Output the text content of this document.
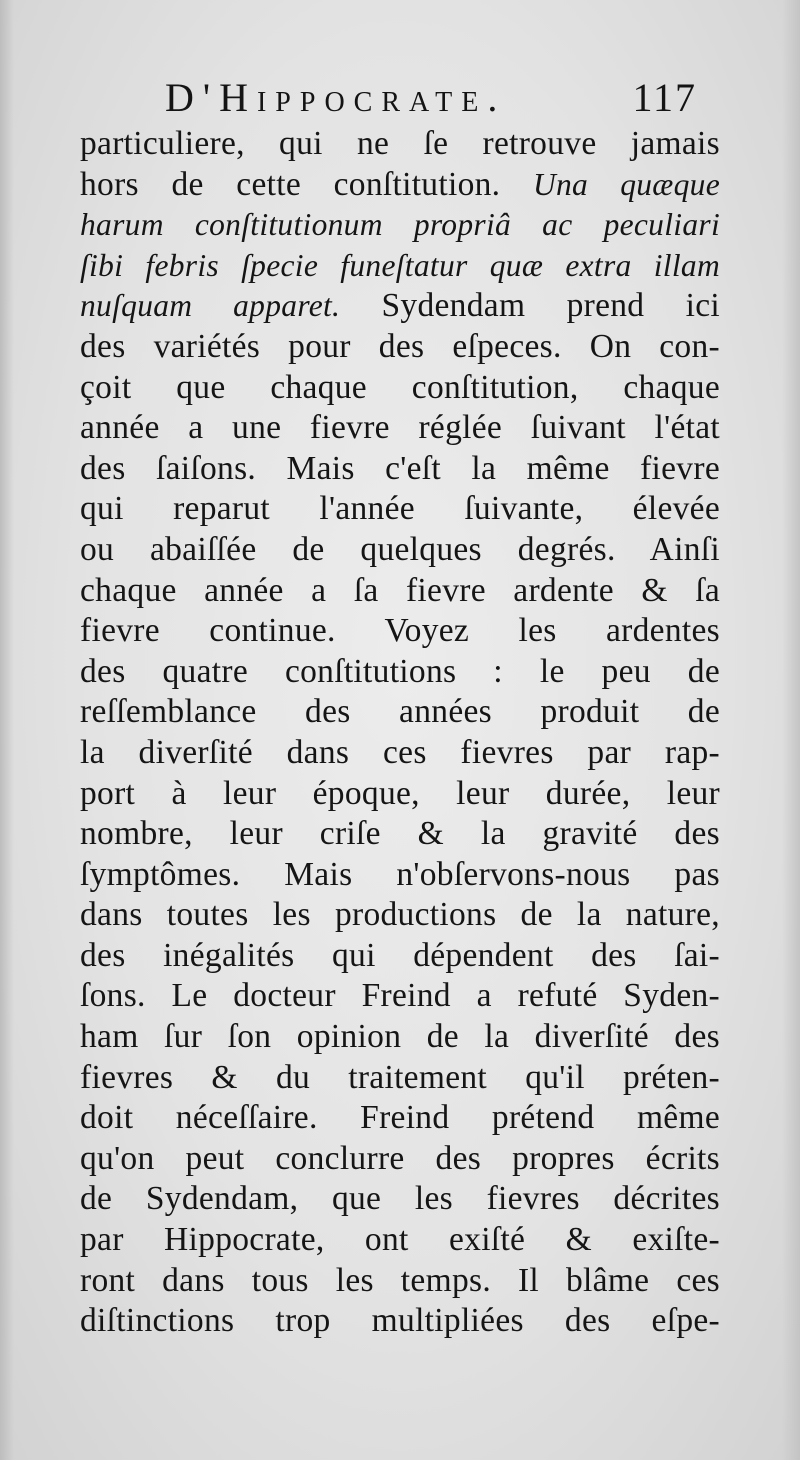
D'Hippocrate.	117
particuliere, qui ne ſe retrouve jamais
hors de cette conſtitution. Una quæque
harum conſtitutionum propriâ ac peculiari
ſibi febris ſpecie funeſtatur quæ extra illam
nuſquam apparet. Sydendam prend ici
des variétés pour des eſpeces. On con-
çoit que chaque conſtitution, chaque
année a une fievre réglée ſuivant l'état
des ſaiſons. Mais c'eſt la même fievre
qui reparut l'année ſuivante, élevée
ou abaiſſée de quelques degrés. Ainſi
chaque année a ſa fievre ardente & ſa
fievre continue. Voyez les ardentes
des quatre conſtitutions : le peu de
reſſemblance des années produit de
la diverſité dans ces fievres par rap-
port à leur époque, leur durée, leur
nombre, leur criſe & la gravité des
ſymptômes. Mais n'obſervons-nous pas
dans toutes les productions de la nature,
des inégalités qui dépendent des ſai-
ſons. Le docteur Freind a refuté Syden-
ham ſur ſon opinion de la diverſité des
fievres & du traitement qu'il préten-
doit néceſſaire. Freind prétend même
qu'on peut conclurre des propres écrits
de Sydendam, que les fievres décrites
par Hippocrate, ont exiſté & exiſte-
ront dans tous les temps. Il blâme ces
diſtinctions trop multipliées des eſpe-
